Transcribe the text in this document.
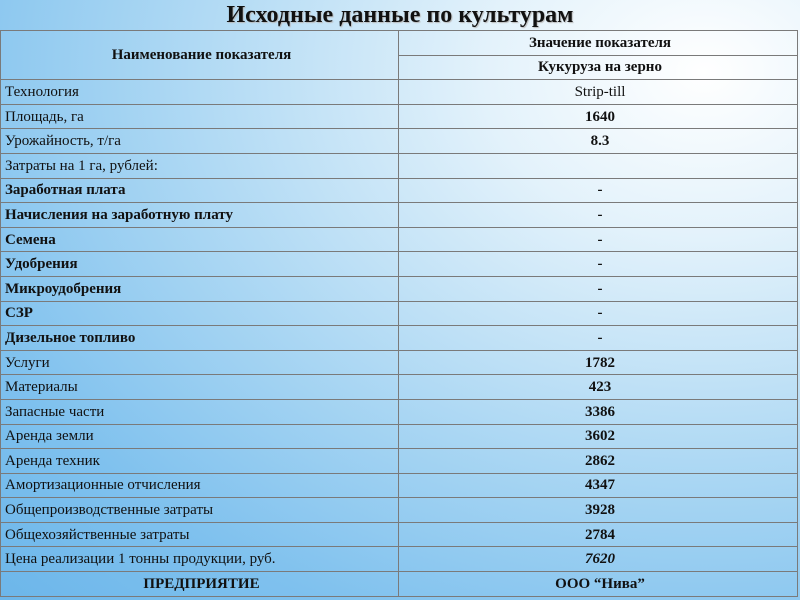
Исходные данные по культурам
Наименование показателя	Значение показателя
	Кукуруза на зерно
Технология	Strip-till
Площадь, га	1640
Урожайность, т/га	8.3
Затраты на 1 га, рублей:	
Заработная плата	-
Начисления на заработную плату	-
Семена	-
Удобрения	-
Микроудобрения	-
СЗР	-
Дизельное топливо	-
Услуги	1782
Материалы	423
Запасные части	3386
Аренда земли	3602
Аренда техник	2862
Амортизационные отчисления	4347
Общепроизводственные затраты	3928
Общехозяйственные затраты	2784
Цена реализации 1 тонны продукции, руб.	7620
ПРЕДПРИЯТИЕ	ООО “Нива”
